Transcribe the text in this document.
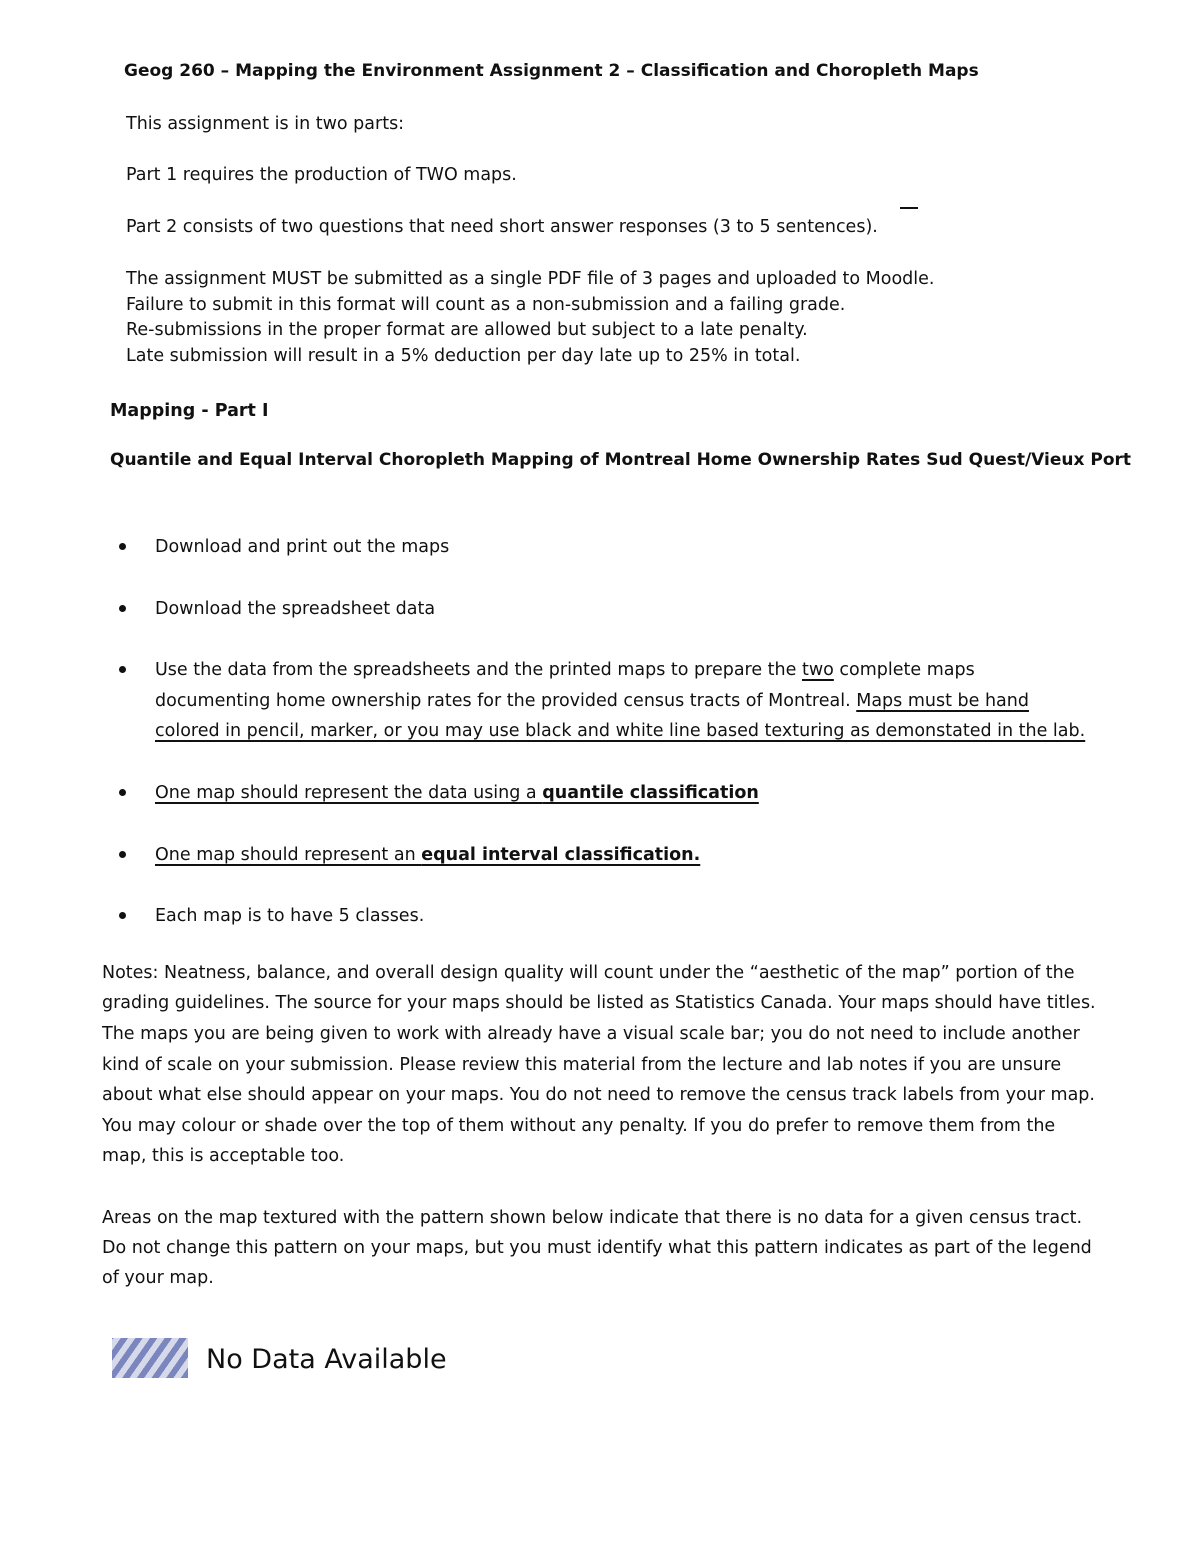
Geog 260 – Mapping the Environment Assignment 2 – Classification and Choropleth Maps
This assignment is in two parts:
Part 1 requires the production of TWO maps.
Part 2 consists of two questions that need short answer responses (3 to 5 sentences).
The assignment MUST be submitted as a single PDF file of 3 pages and uploaded to Moodle.
Failure to submit in this format will count as a non-submission and a failing grade.
Re-submissions in the proper format are allowed but subject to a late penalty.
Late submission will result in a 5% deduction per day late up to 25% in total.
Mapping - Part I
Quantile and Equal Interval Choropleth Mapping of Montreal Home Ownership Rates Sud Quest/Vieux Port
Download and print out the maps
Download the spreadsheet data
Use the data from the spreadsheets and the printed maps to prepare the two complete maps
documenting home ownership rates for the provided census tracts of Montreal. Maps must be hand
colored in pencil, marker, or you may use black and white line based texturing as demonstated in the lab.
One map should represent the data using a quantile classification
One map should represent an equal interval classification.
Each map is to have 5 classes.
Notes: Neatness, balance, and overall design quality will count under the “aesthetic of the map” portion of the
grading guidelines. The source for your maps should be listed as Statistics Canada. Your maps should have titles.
The maps you are being given to work with already have a visual scale bar; you do not need to include another
kind of scale on your submission. Please review this material from the lecture and lab notes if you are unsure
about what else should appear on your maps. You do not need to remove the census track labels from your map.
You may colour or shade over the top of them without any penalty. If you do prefer to remove them from the
map, this is acceptable too.
Areas on the map textured with the pattern shown below indicate that there is no data for a given census tract.
Do not change this pattern on your maps, but you must identify what this pattern indicates as part of the legend
of your map.
No Data Available
